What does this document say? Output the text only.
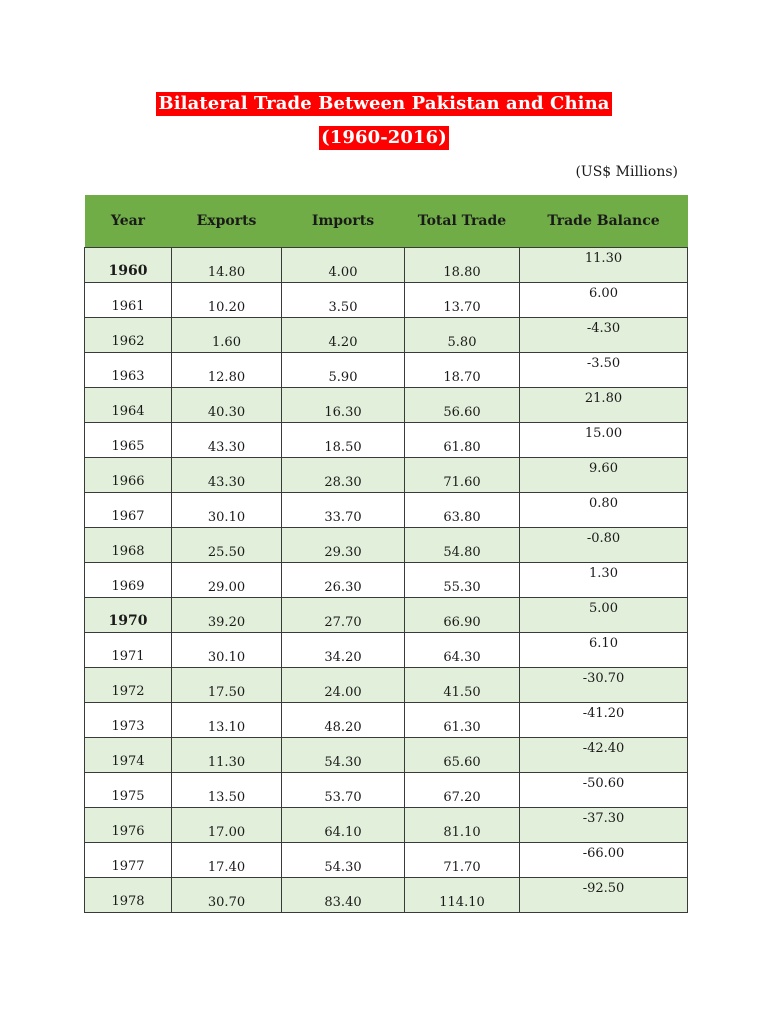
Bilateral Trade Between Pakistan and China
(1960-2016)
(US$ Millions)
Year	Exports	Imports	Total Trade	Trade Balance
1960	14.80	4.00	18.80	11.30
1961	10.20	3.50	13.70	6.00
1962	1.60	4.20	5.80	-4.30
1963	12.80	5.90	18.70	-3.50
1964	40.30	16.30	56.60	21.80
1965	43.30	18.50	61.80	15.00
1966	43.30	28.30	71.60	9.60
1967	30.10	33.70	63.80	0.80
1968	25.50	29.30	54.80	-0.80
1969	29.00	26.30	55.30	1.30
1970	39.20	27.70	66.90	5.00
1971	30.10	34.20	64.30	6.10
1972	17.50	24.00	41.50	-30.70
1973	13.10	48.20	61.30	-41.20
1974	11.30	54.30	65.60	-42.40
1975	13.50	53.70	67.20	-50.60
1976	17.00	64.10	81.10	-37.30
1977	17.40	54.30	71.70	-66.00
1978	30.70	83.40	114.10	-92.50
